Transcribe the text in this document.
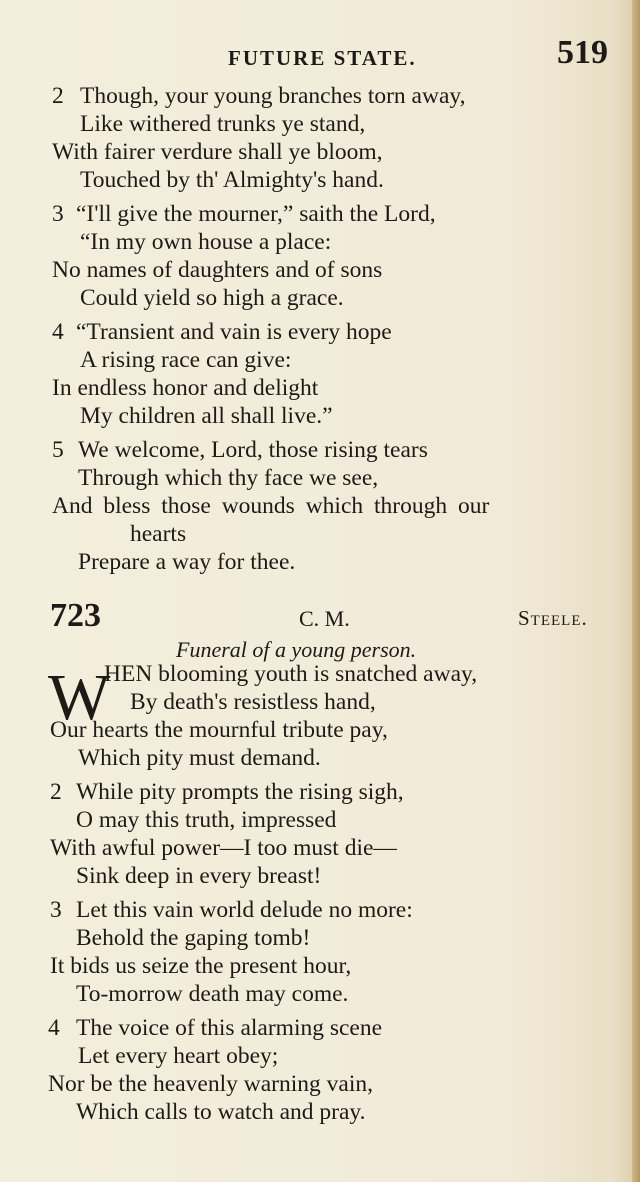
FUTURE STATE.	519
2 Though, your young branches torn away,
Like withered trunks ye stand,
With fairer verdure shall ye bloom,
Touched by th' Almighty's hand.
3 “I'll give the mourner,” saith the Lord,
“In my own house a place:
No names of daughters and of sons
Could yield so high a grace.
4 “Transient and vain is every hope
A rising race can give:
In endless honor and delight
My children all shall live.”
5 We welcome, Lord, those rising tears
Through which thy face we see,
And bless those wounds which through our
hearts
Prepare a way for thee.
723	C. M.	Steele.
Funeral of a young person.
W
HEN blooming youth is snatched away,
By death's resistless hand,
Our hearts the mournful tribute pay,
Which pity must demand.
2 While pity prompts the rising sigh,
O may this truth, impressed
With awful power—I too must die—
Sink deep in every breast!
3 Let this vain world delude no more:
Behold the gaping tomb!
It bids us seize the present hour,
To-morrow death may come.
4 The voice of this alarming scene
Let every heart obey;
Nor be the heavenly warning vain,
Which calls to watch and pray.
